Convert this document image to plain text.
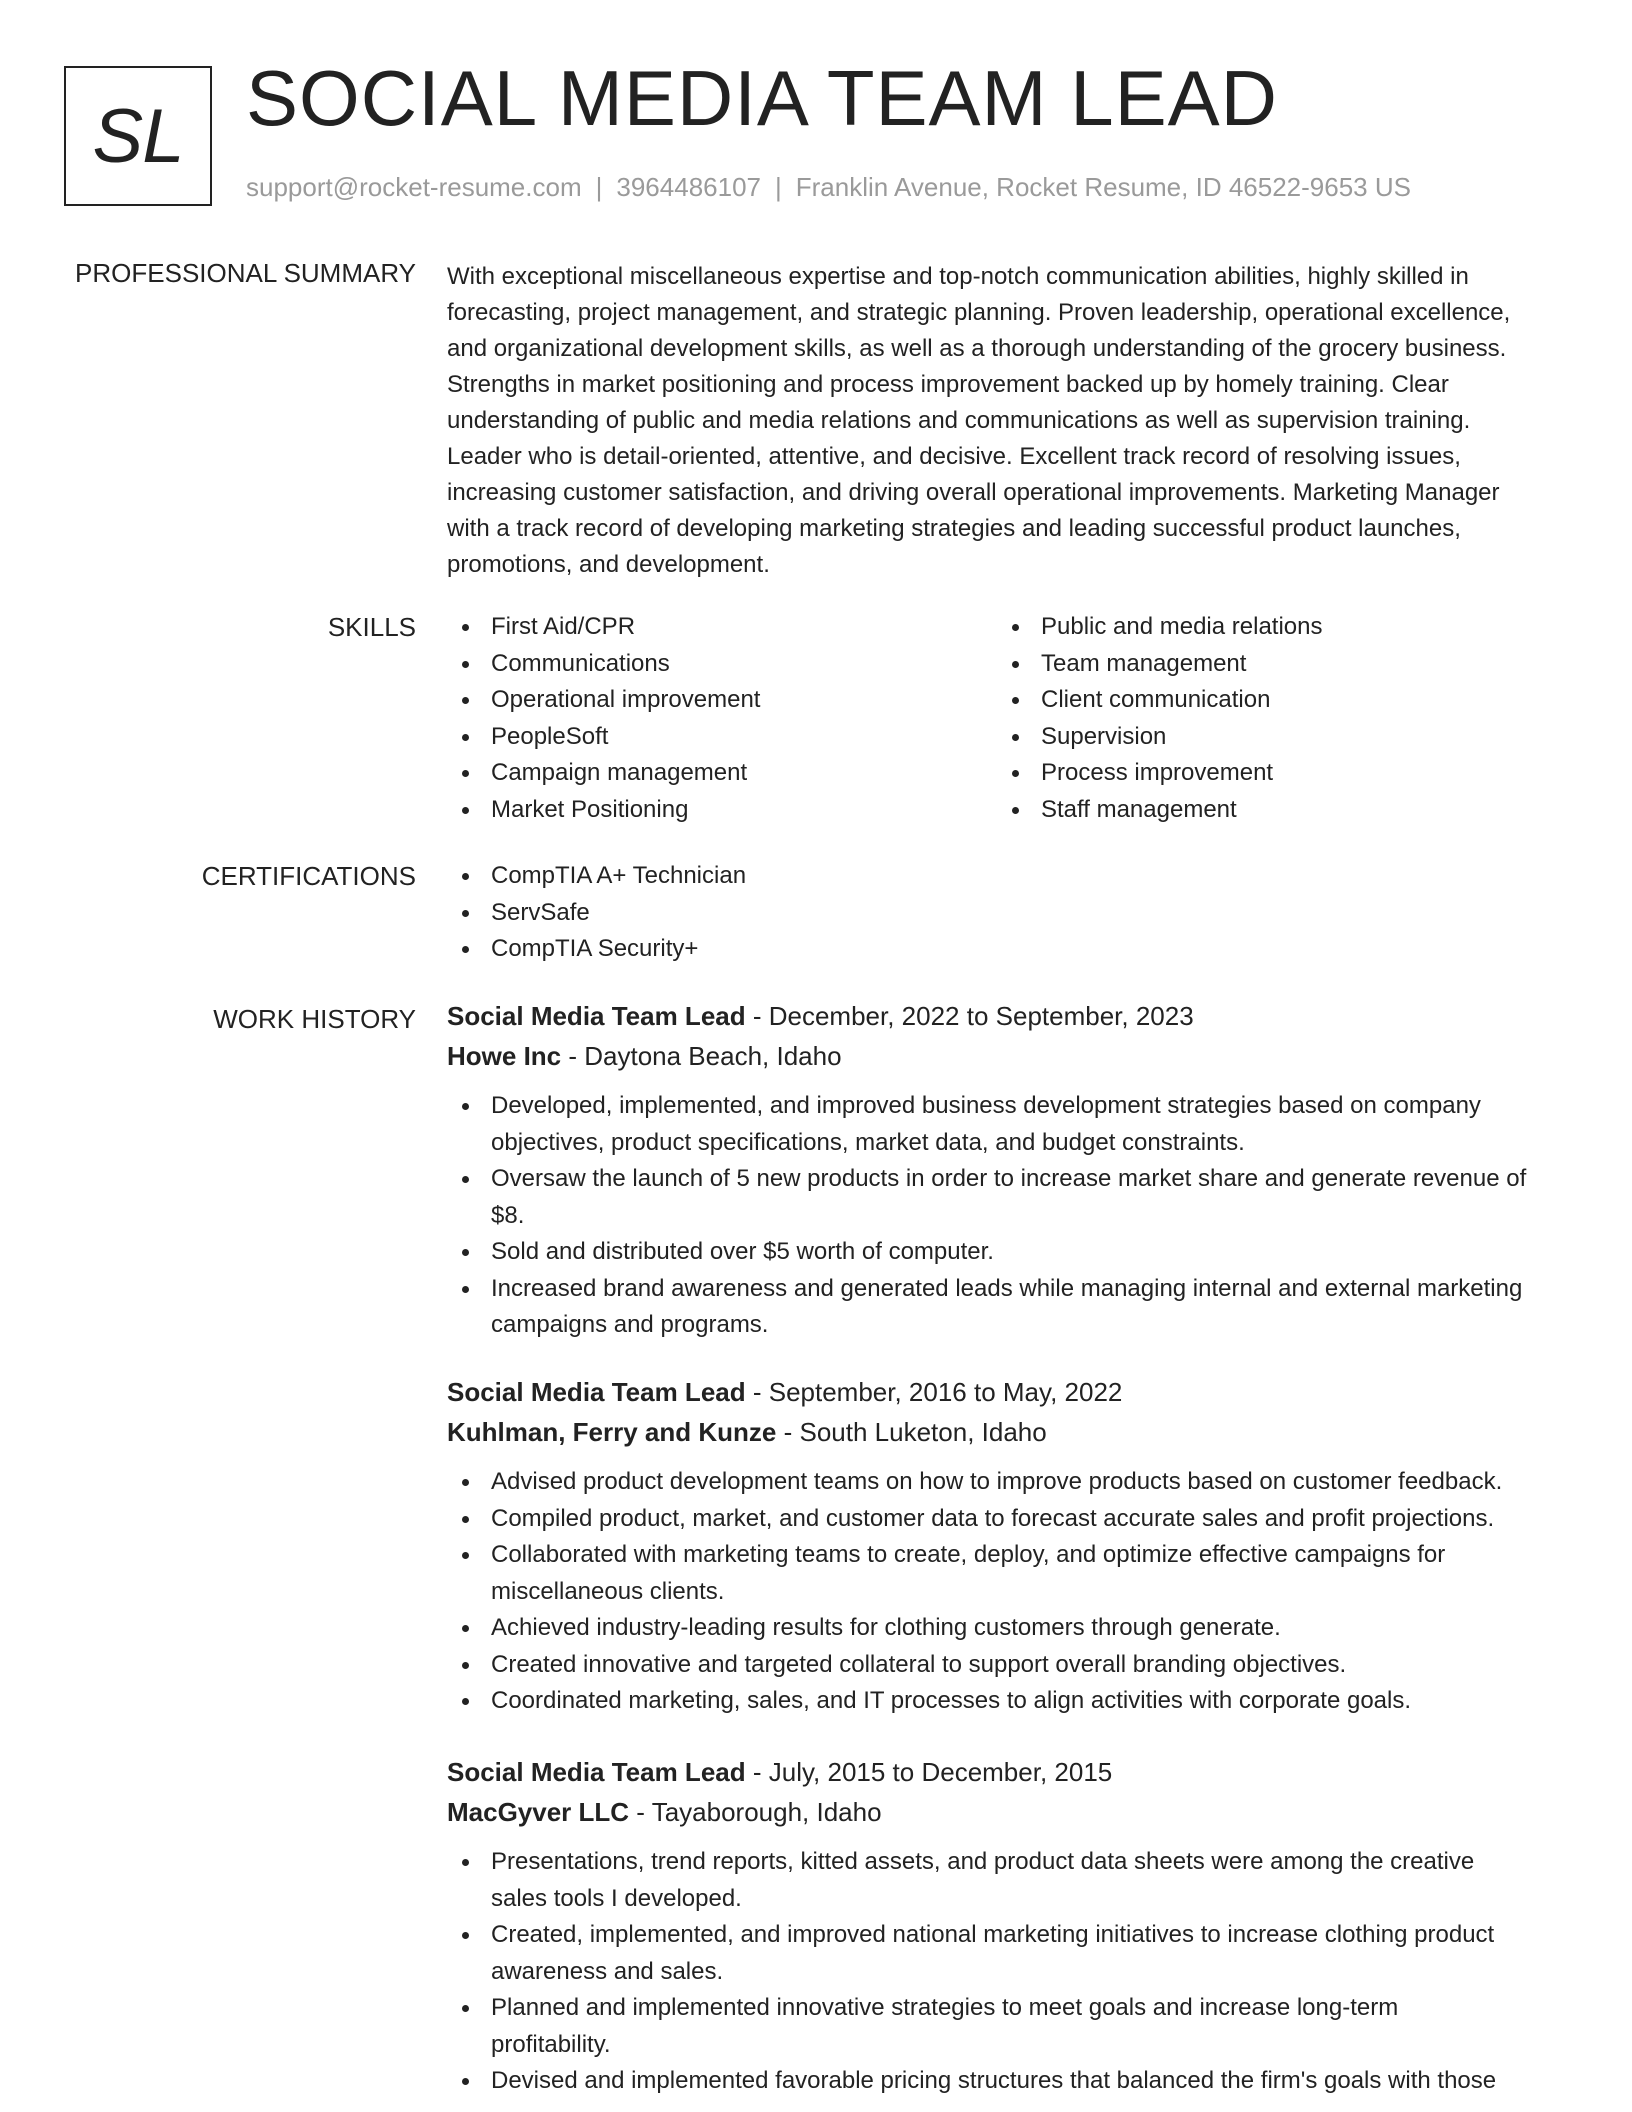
SL SOCIAL MEDIA TEAM LEAD
support@rocket-resume.com | 3964486107 | Franklin Avenue, Rocket Resume, ID 46522-9653 US
PROFESSIONAL SUMMARY With exceptional miscellaneous expertise and top-notch communication abilities, highly skilled in
forecasting, project management, and strategic planning. Proven leadership, operational excellence,
and organizational development skills, as well as a thorough understanding of the grocery business.
Strengths in market positioning and process improvement backed up by homely training. Clear
understanding of public and media relations and communications as well as supervision training.
Leader who is detail-oriented, attentive, and decisive. Excellent track record of resolving issues,
increasing customer satisfaction, and driving overall operational improvements. Marketing Manager
with a track record of developing marketing strategies and leading successful product launches,
promotions, and development.
SKILLS	First Aid/CPR
Communications
Operational improvement
PeopleSoft
Campaign management
Market Positioning
Public and media relations
Team management
Client communication
Supervision
Process improvement
Staff management
CERTIFICATIONS	CompTIA A+ Technician
ServSafe
CompTIA Security+
WORK HISTORY Social Media Team Lead - December, 2022 to September, 2023
Howe Inc - Daytona Beach, Idaho
Developed, implemented, and improved business development strategies based on company
objectives, product specifications, market data, and budget constraints.
Oversaw the launch of 5 new products in order to increase market share and generate revenue of
$8.
Sold and distributed over $5 worth of computer.
Increased brand awareness and generated leads while managing internal and external marketing
campaigns and programs.
Social Media Team Lead - September, 2016 to May, 2022
Kuhlman, Ferry and Kunze - South Luketon, Idaho
Advised product development teams on how to improve products based on customer feedback.
Compiled product, market, and customer data to forecast accurate sales and profit projections.
Collaborated with marketing teams to create, deploy, and optimize effective campaigns for
miscellaneous clients.
Achieved industry-leading results for clothing customers through generate.
Created innovative and targeted collateral to support overall branding objectives.
Coordinated marketing, sales, and IT processes to align activities with corporate goals.
Social Media Team Lead - July, 2015 to December, 2015
MacGyver LLC - Tayaborough, Idaho
Presentations, trend reports, kitted assets, and product data sheets were among the creative
sales tools I developed.
Created, implemented, and improved national marketing initiatives to increase clothing product
awareness and sales.
Planned and implemented innovative strategies to meet goals and increase long-term
profitability.
Devised and implemented favorable pricing structures that balanced the firm's goals with those
